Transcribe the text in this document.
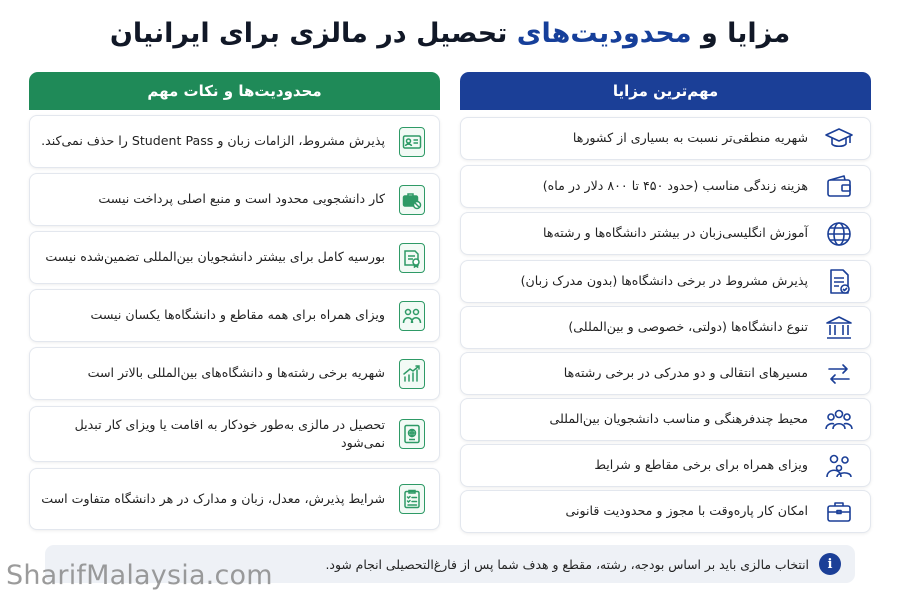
مزایا و محدودیت‌های تحصیل در مالزی برای ایرانیان
مهم‌ترین مزایا
شهریه منطقی‌تر نسبت به بسیاری از کشورها
هزینه زندگی مناسب (حدود ۴۵۰ تا ۸۰۰ دلار در ماه)
آموزش انگلیسی‌زبان در بیشتر دانشگاه‌ها و رشته‌ها
پذیرش مشروط در برخی دانشگاه‌ها (بدون مدرک زبان)
تنوع دانشگاه‌ها (دولتی، خصوصی و بین‌المللی)
مسیرهای انتقالی و دو مدرکی در برخی رشته‌ها
محیط چندفرهنگی و مناسب دانشجویان بین‌المللی
ویزای همراه برای برخی مقاطع و شرایط
امکان کار پاره‌وقت با مجوز و محدودیت قانونی
محدودیت‌ها و نکات مهم
پذیرش مشروط، الزامات زبان و Student Pass را حذف نمی‌کند.
کار دانشجویی محدود است و منبع اصلی پرداخت نیست
بورسیه کامل برای بیشتر دانشجویان بین‌المللی تضمین‌شده نیست
ویزای همراه برای همه مقاطع و دانشگاه‌ها یکسان نیست
شهریه برخی رشته‌ها و دانشگاه‌های بین‌المللی بالاتر است
تحصیل در مالزی به‌طور خودکار به اقامت یا ویزای کار تبدیل نمی‌شود
شرایط پذیرش، معدل، زبان و مدارک در هر دانشگاه متفاوت است
i
انتخاب مالزی باید بر اساس بودجه، رشته، مقطع و هدف شما پس از فارغ‌التحصیلی انجام شود.
SharifMalaysia.com
